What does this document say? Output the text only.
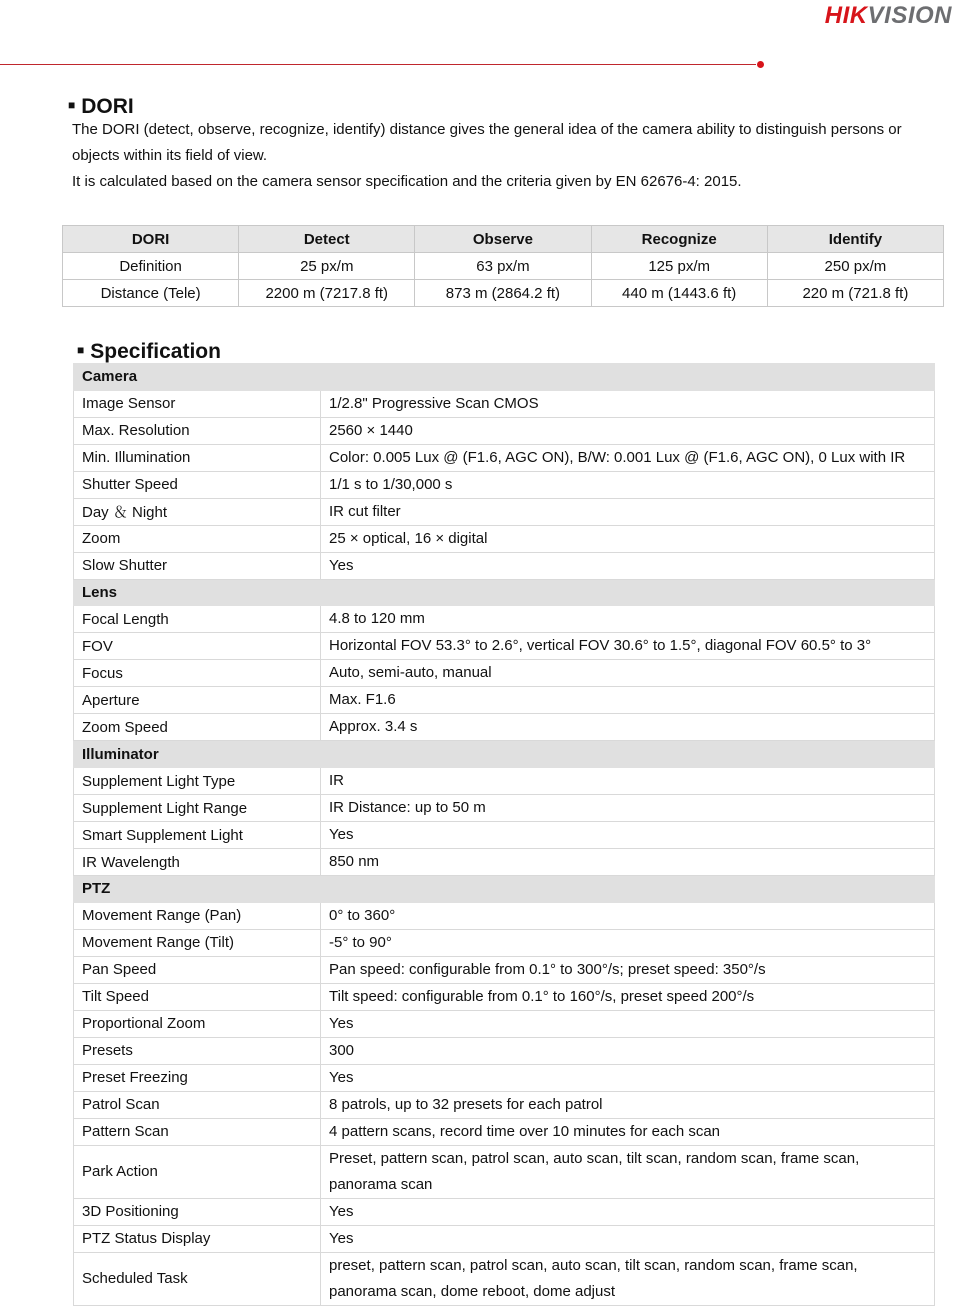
HIKVISION
■ DORI

The DORI (detect, observe, recognize, identify) distance gives the general idea of the camera ability to distinguish persons or objects within its field of view.

It is calculated based on the camera sensor specification and the criteria given by EN 62676-4: 2015.

DORI	Detect	Observe	Recognize	Identify
Definition	25 px/m	63 px/m	125 px/m	250 px/m
Distance (Tele)	2200 m (7217.8 ft)	873 m (2864.2 ft)	440 m (1443.6 ft)	220 m (721.8 ft)
■ Specification
Camera	
Image Sensor	1/2.8" Progressive Scan CMOS
Max. Resolution	2560 × 1440
Min. Illumination	Color: 0.005 Lux @ (F1.6, AGC ON), B/W: 0.001 Lux @ (F1.6, AGC ON), 0 Lux with IR
Shutter Speed	1/1 s to 1/30,000 s
Day ＆ Night	IR cut filter
Zoom	25 × optical, 16 × digital
Slow Shutter	Yes
Lens	
Focal Length	4.8 to 120 mm
FOV	Horizontal FOV 53.3° to 2.6°, vertical FOV 30.6° to 1.5°, diagonal FOV 60.5° to 3°
Focus	Auto, semi-auto, manual
Aperture	Max. F1.6
Zoom Speed	Approx. 3.4 s
Illuminator	
Supplement Light Type	IR
Supplement Light Range	IR Distance: up to 50 m
Smart Supplement Light	Yes
IR Wavelength	850 nm
PTZ	
Movement Range (Pan)	0° to 360°
Movement Range (Tilt)	-5° to 90°
Pan Speed	Pan speed: configurable from 0.1° to 300°/s; preset speed: 350°/s
Tilt Speed	Tilt speed: configurable from 0.1° to 160°/s, preset speed 200°/s
Proportional Zoom	Yes
Presets	300
Preset Freezing	Yes
Patrol Scan	8 patrols, up to 32 presets for each patrol
Pattern Scan	4 pattern scans, record time over 10 minutes for each scan
Park Action	Preset, pattern scan, patrol scan, auto scan, tilt scan, random scan, frame scan, panorama scan
3D Positioning	Yes
PTZ Status Display	Yes
Scheduled Task	preset, pattern scan, patrol scan, auto scan, tilt scan, random scan, frame scan, panorama scan, dome reboot, dome adjust
